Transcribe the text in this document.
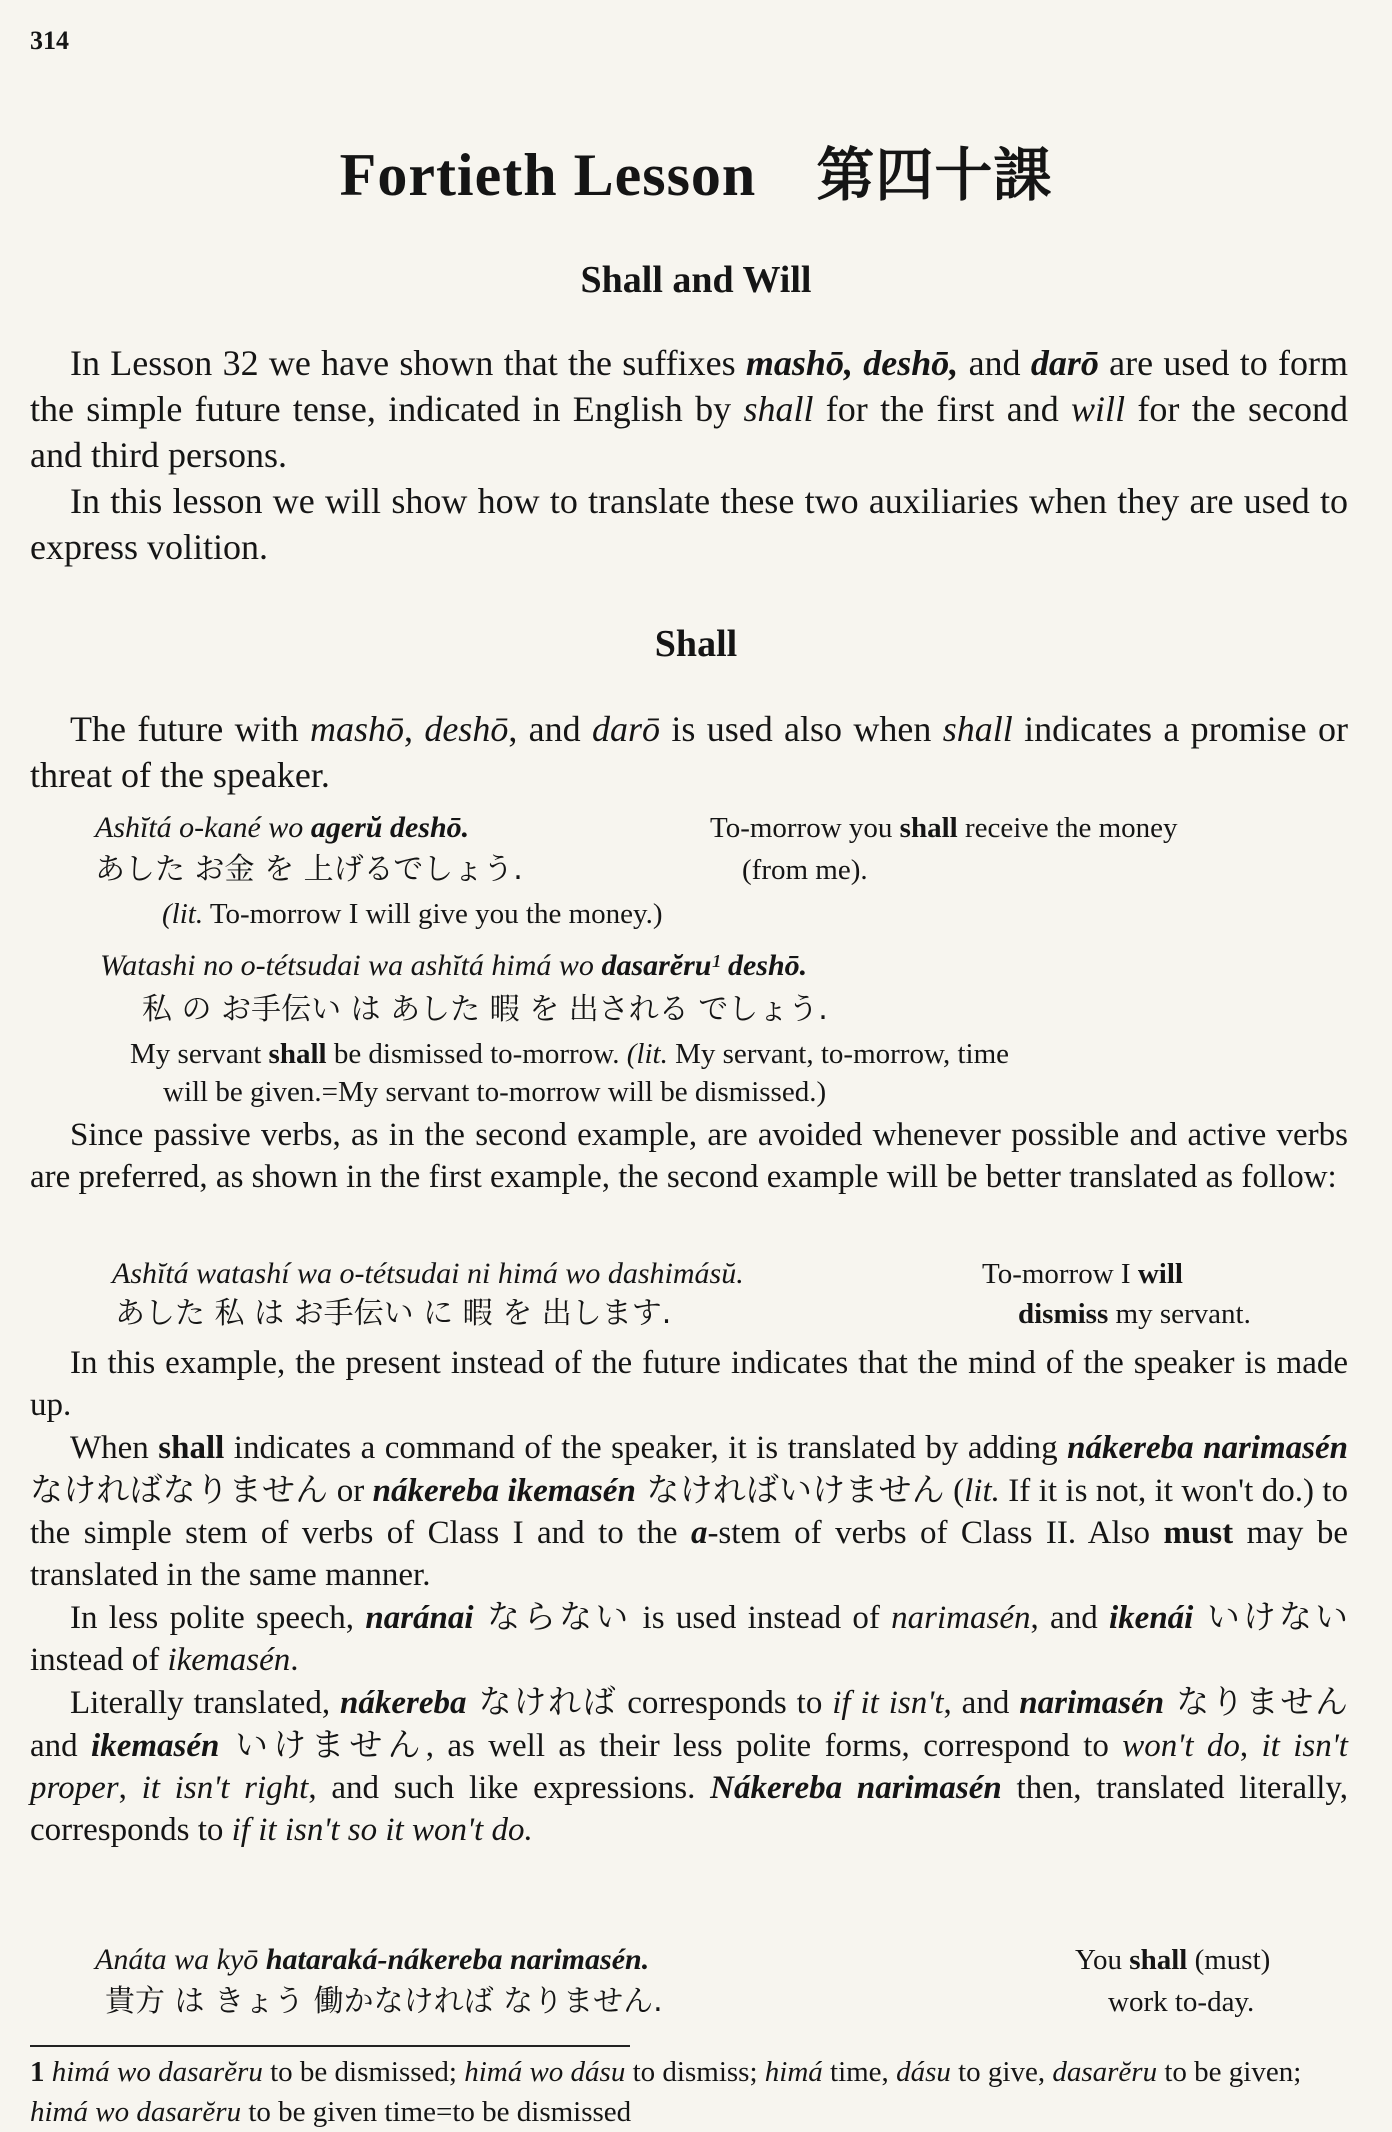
314
Fortieth Lesson 第四十課
Shall and Will

In Lesson 32 we have shown that the suffixes mashō, deshō, and darō are used to form the simple future tense, indicated in English by shall for the first and will for the second and third persons.

In this lesson we will show how to translate these two auxiliaries when they are used to express volition.

Shall

The future with mashō, deshō, and darō is used also when shall indicates a promise or threat of the speaker.

Ashĭtá o-kané wo agerŭ deshō.	To-morrow you shall receive the money
あした お金 を 上げるでしょう.	(from me).
(lit. To-morrow I will give you the money.)
Watashi no o-tétsudai wa ashĭtá himá wo dasarĕru¹ deshō.
私 の お手伝い は あした 暇 を 出される でしょう.
My servant shall be dismissed to-morrow. (lit. My servant, to-morrow, time
will be given.=My servant to-morrow will be dismissed.)

Since passive verbs, as in the second example, are avoided whenever possible and active verbs are preferred, as shown in the first example, the second example will be better translated as follow:

Ashĭtá watashí wa o-tétsudai ni himá wo dashimásŭ.	To-morrow I will
あした 私 は お手伝い に 暇 を 出します.	dismiss my servant.

In this example, the present instead of the future indicates that the mind of the speaker is made up.

When shall indicates a command of the speaker, it is translated by adding nákereba narimasén なければなりません or nákereba ikemasén なければいけません (lit. If it is not, it won't do.) to the simple stem of verbs of Class I and to the a-stem of verbs of Class II. Also must may be translated in the same manner.

In less polite speech, naránai ならない is used instead of narimasén, and ikenái いけない instead of ikemasén.

Literally translated, nákereba なければ corresponds to if it isn't, and narimasén なりません and ikemasén いけません, as well as their less polite forms, correspond to won't do, it isn't proper, it isn't right, and such like expressions. Nákereba narimasén then, translated literally, corresponds to if it isn't so it won't do.

Anáta wa kyō hataraká-nákereba narimasén.	You shall (must)
貴方 は きょう 働かなければ なりません.	work to-day.
1 himá wo dasarĕru to be dismissed; himá wo dásu to dismiss; himá time, dásu to give, dasarĕru to be given; himá wo dasarĕru to be given time=to be dismissed
